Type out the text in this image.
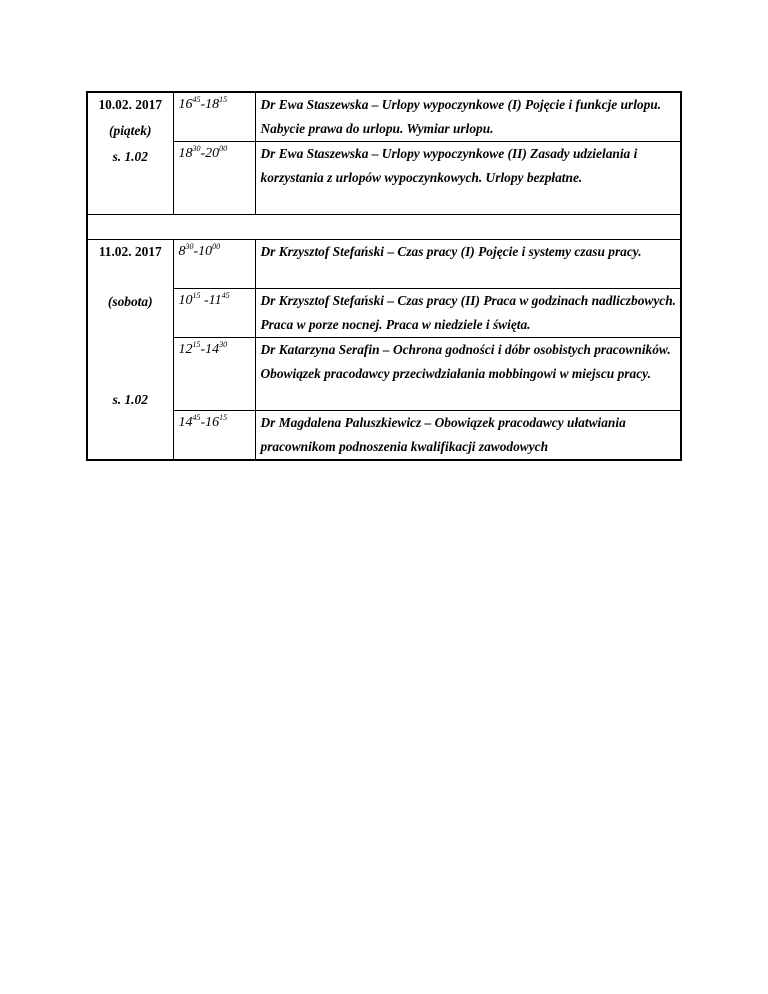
10.02. 2017
(piątek)
s. 1.02	$16^{45}-18^{15}$	Dr Ewa Staszewska – Urlopy wypoczynkowe (I) Pojęcie i funkcje urlopu. Nabycie prawa do urlopu. Wymiar urlopu.
	$18^{30}-20^{00}$	Dr Ewa Staszewska – Urlopy wypoczynkowe (II) Zasady udzielania i korzystania z urlopów wypoczynkowych. Urlopy bezpłatne.

11.02. 2017
(sobota)
s. 1.02	$8^{30}-10^{00}$	Dr Krzysztof Stefański – Czas pracy (I) Pojęcie i systemy czasu pracy.
	$10^{15}$ $-11^{45}$	Dr Krzysztof Stefański – Czas pracy (II) Praca w godzinach nadliczbowych. Praca w porze nocnej. Praca w niedziele i święta.
	$12^{15}-14^{30}$	Dr Katarzyna Serafin – Ochrona godności i dóbr osobistych pracowników. Obowiązek pracodawcy przeciwdziałania mobbingowi w miejscu pracy.
	$14^{45}-16^{15}$	Dr Magdalena Paluszkiewicz – Obowiązek pracodawcy ułatwiania pracownikom podnoszenia kwalifikacji zawodowych
